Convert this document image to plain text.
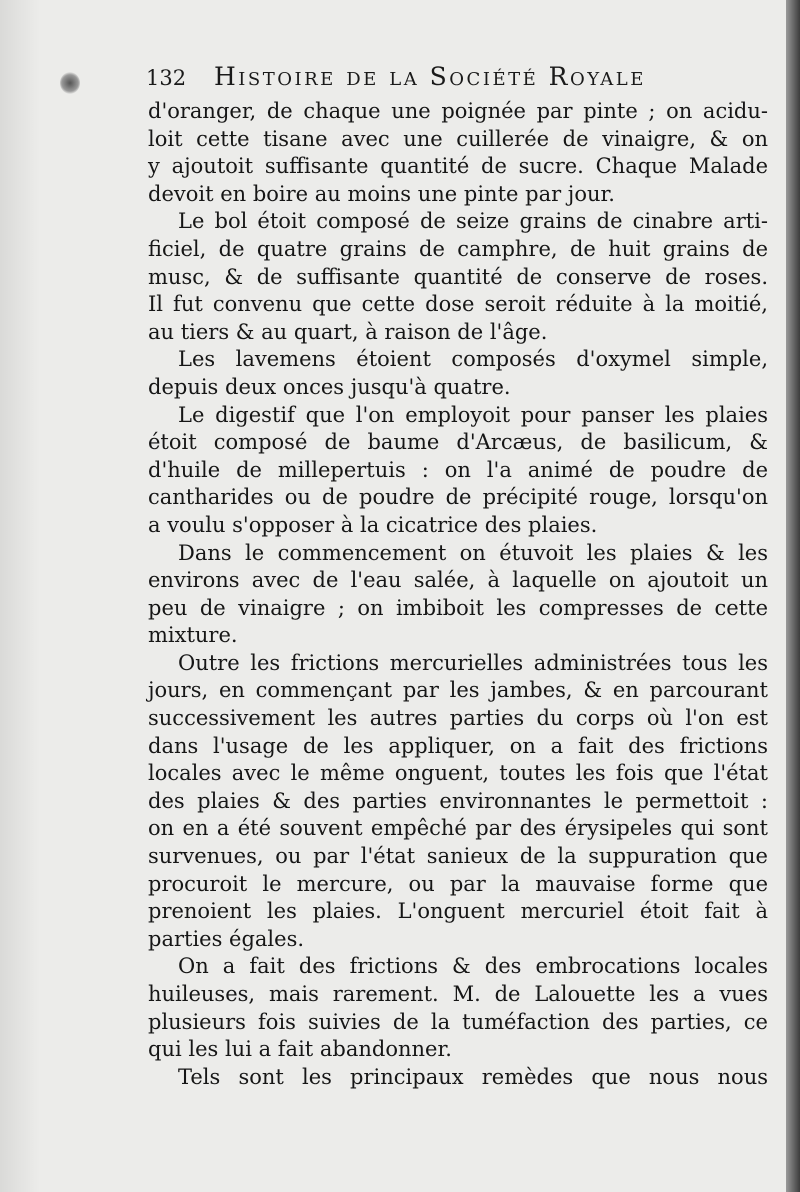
132 Histoire de la Société Royale
d'oranger, de chaque une poignée par pinte ; on acidu-
loit cette tisane avec une cuillerée de vinaigre, & on
y ajoutoit suffisante quantité de sucre. Chaque Malade
devoit en boire au moins une pinte par jour.
Le bol étoit composé de seize grains de cinabre arti-
ficiel, de quatre grains de camphre, de huit grains de
musc, & de suffisante quantité de conserve de roses.
Il fut convenu que cette dose seroit réduite à la moitié,
au tiers & au quart, à raison de l'âge.
Les lavemens étoient composés d'oxymel simple,
depuis deux onces jusqu'à quatre.
Le digestif que l'on employoit pour panser les plaies
étoit composé de baume d'Arcæus, de basilicum, &
d'huile de millepertuis : on l'a animé de poudre de
cantharides ou de poudre de précipité rouge, lorsqu'on
a voulu s'opposer à la cicatrice des plaies.
Dans le commencement on étuvoit les plaies & les
environs avec de l'eau salée, à laquelle on ajoutoit un
peu de vinaigre ; on imbiboit les compresses de cette
mixture.
Outre les frictions mercurielles administrées tous les
jours, en commençant par les jambes, & en parcourant
successivement les autres parties du corps où l'on est
dans l'usage de les appliquer, on a fait des frictions
locales avec le même onguent, toutes les fois que l'état
des plaies & des parties environnantes le permettoit :
on en a été souvent empêché par des érysipeles qui sont
survenues, ou par l'état sanieux de la suppuration que
procuroit le mercure, ou par la mauvaise forme que
prenoient les plaies. L'onguent mercuriel étoit fait à
parties égales.
On a fait des frictions & des embrocations locales
huileuses, mais rarement. M. de Lalouette les a vues
plusieurs fois suivies de la tuméfaction des parties, ce
qui les lui a fait abandonner.
Tels sont les principaux remèdes que nous nous
